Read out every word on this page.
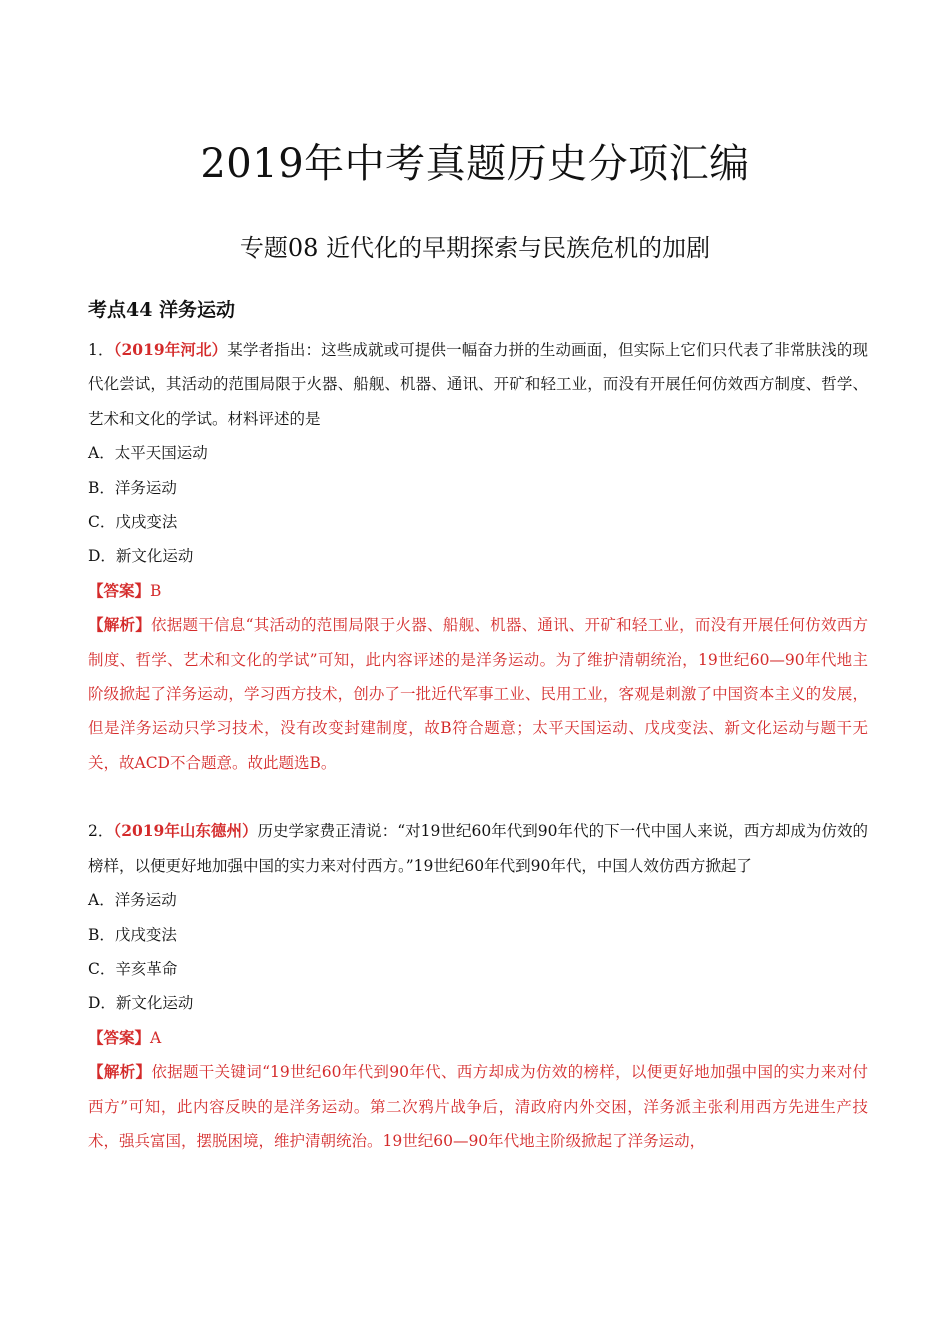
2019年中考真题历史分项汇编
专题08 近代化的早期探索与民族危机的加剧
考点44 洋务运动

1．（2019年河北）某学者指出：这些成就或可提供一幅奋力拼的生动画面，但实际上它们只代表了非常肤浅的现代化尝试，其活动的范围局限于火器、船舰、机器、通讯、开矿和轻工业，而没有开展任何仿效西方制度、哲学、艺术和文化的学试。材料评述的是

A．太平天国运动

B．洋务运动

C．戊戌变法

D．新文化运动

【答案】B

【解析】依据题干信息“其活动的范围局限于火器、船舰、机器、通讯、开矿和轻工业，而没有开展任何仿效西方制度、哲学、艺术和文化的学试”可知，此内容评述的是洋务运动。为了维护清朝统治，19世纪60—90年代地主阶级掀起了洋务运动，学习西方技术，创办了一批近代军事工业、民用工业，客观是刺激了中国资本主义的发展，但是洋务运动只学习技术，没有改变封建制度，故B符合题意；太平天国运动、戊戌变法、新文化运动与题干无关，故ACD不合题意。故此题选B。

2．（2019年山东德州）历史学家费正清说：“对19世纪60年代到90年代的下一代中国人来说，西方却成为仿效的榜样，以便更好地加强中国的实力来对付西方。”19世纪60年代到90年代，中国人效仿西方掀起了

A．洋务运动

B．戊戌变法

C．辛亥革命

D．新文化运动

【答案】A

【解析】依据题干关键词“19世纪60年代到90年代、西方却成为仿效的榜样，以便更好地加强中国的实力来对付西方”可知，此内容反映的是洋务运动。第二次鸦片战争后，清政府内外交困，洋务派主张利用西方先进生产技术，强兵富国，摆脱困境，维护清朝统治。19世纪60—90年代地主阶级掀起了洋务运动，
